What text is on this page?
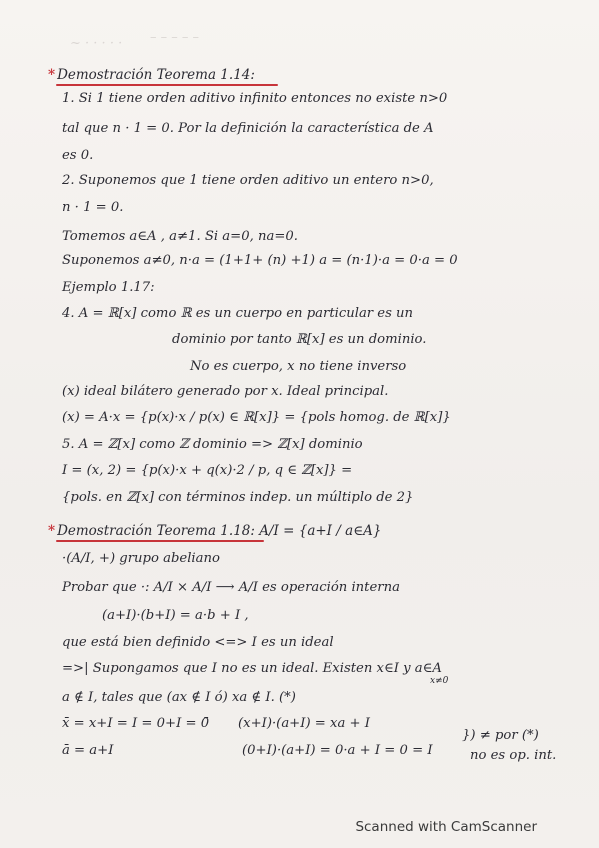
~ · · · · · – – – – –
* Demostración Teorema 1.14:
1. Si 1 tiene orden aditivo infinito entonces no existe n>0
tal que n · 1 = 0. Por la definición la característica de A
es 0.
2. Suponemos que 1 tiene orden aditivo un entero n>0,
n · 1 = 0.
Tomemos a∈A , a≠1. Si a=0, na=0.
Suponemos a≠0, n·a = (1+1+ (n) +1) a = (n·1)·a = 0·a = 0
Ejemplo 1.17:
4. A = ℝ[x] como ℝ es un cuerpo en particular es un
dominio por tanto ℝ[x] es un dominio.
No es cuerpo, x no tiene inverso
(x) ideal bilátero generado por x. Ideal principal.
(x) = A·x = {p(x)·x / p(x) ∈ ℝ[x]} = {pols homog. de ℝ[x]}
5. A = ℤ[x] como ℤ dominio => ℤ[x] dominio
I = (x, 2) = {p(x)·x + q(x)·2 / p, q ∈ ℤ[x]} =
{pols. en ℤ[x] con términos indep. un múltiplo de 2}
* Demostración Teorema 1.18: A/I = {a+I / a∈A}
·(A/I, +) grupo abeliano
Probar que ·: A/I × A/I ⟶ A/I es operación interna
(a+I)·(b+I) = a·b + I ,
que está bien definido <=> I es un ideal
=>| Supongamos que I no es un ideal. Existen x∈I y a∈A
x≠0
a ∉ I, tales que (ax ∉ I ó) xa ∉ I. (*)
x̄ = x+I = I = 0+I = 0̄ (x+I)·(a+I) = xa + I
ā = a+I	(0+I)·(a+I) = 0·a + I = 0 = I
}) ≠ por (*)
no es op. int.
Scanned with CamScanner
